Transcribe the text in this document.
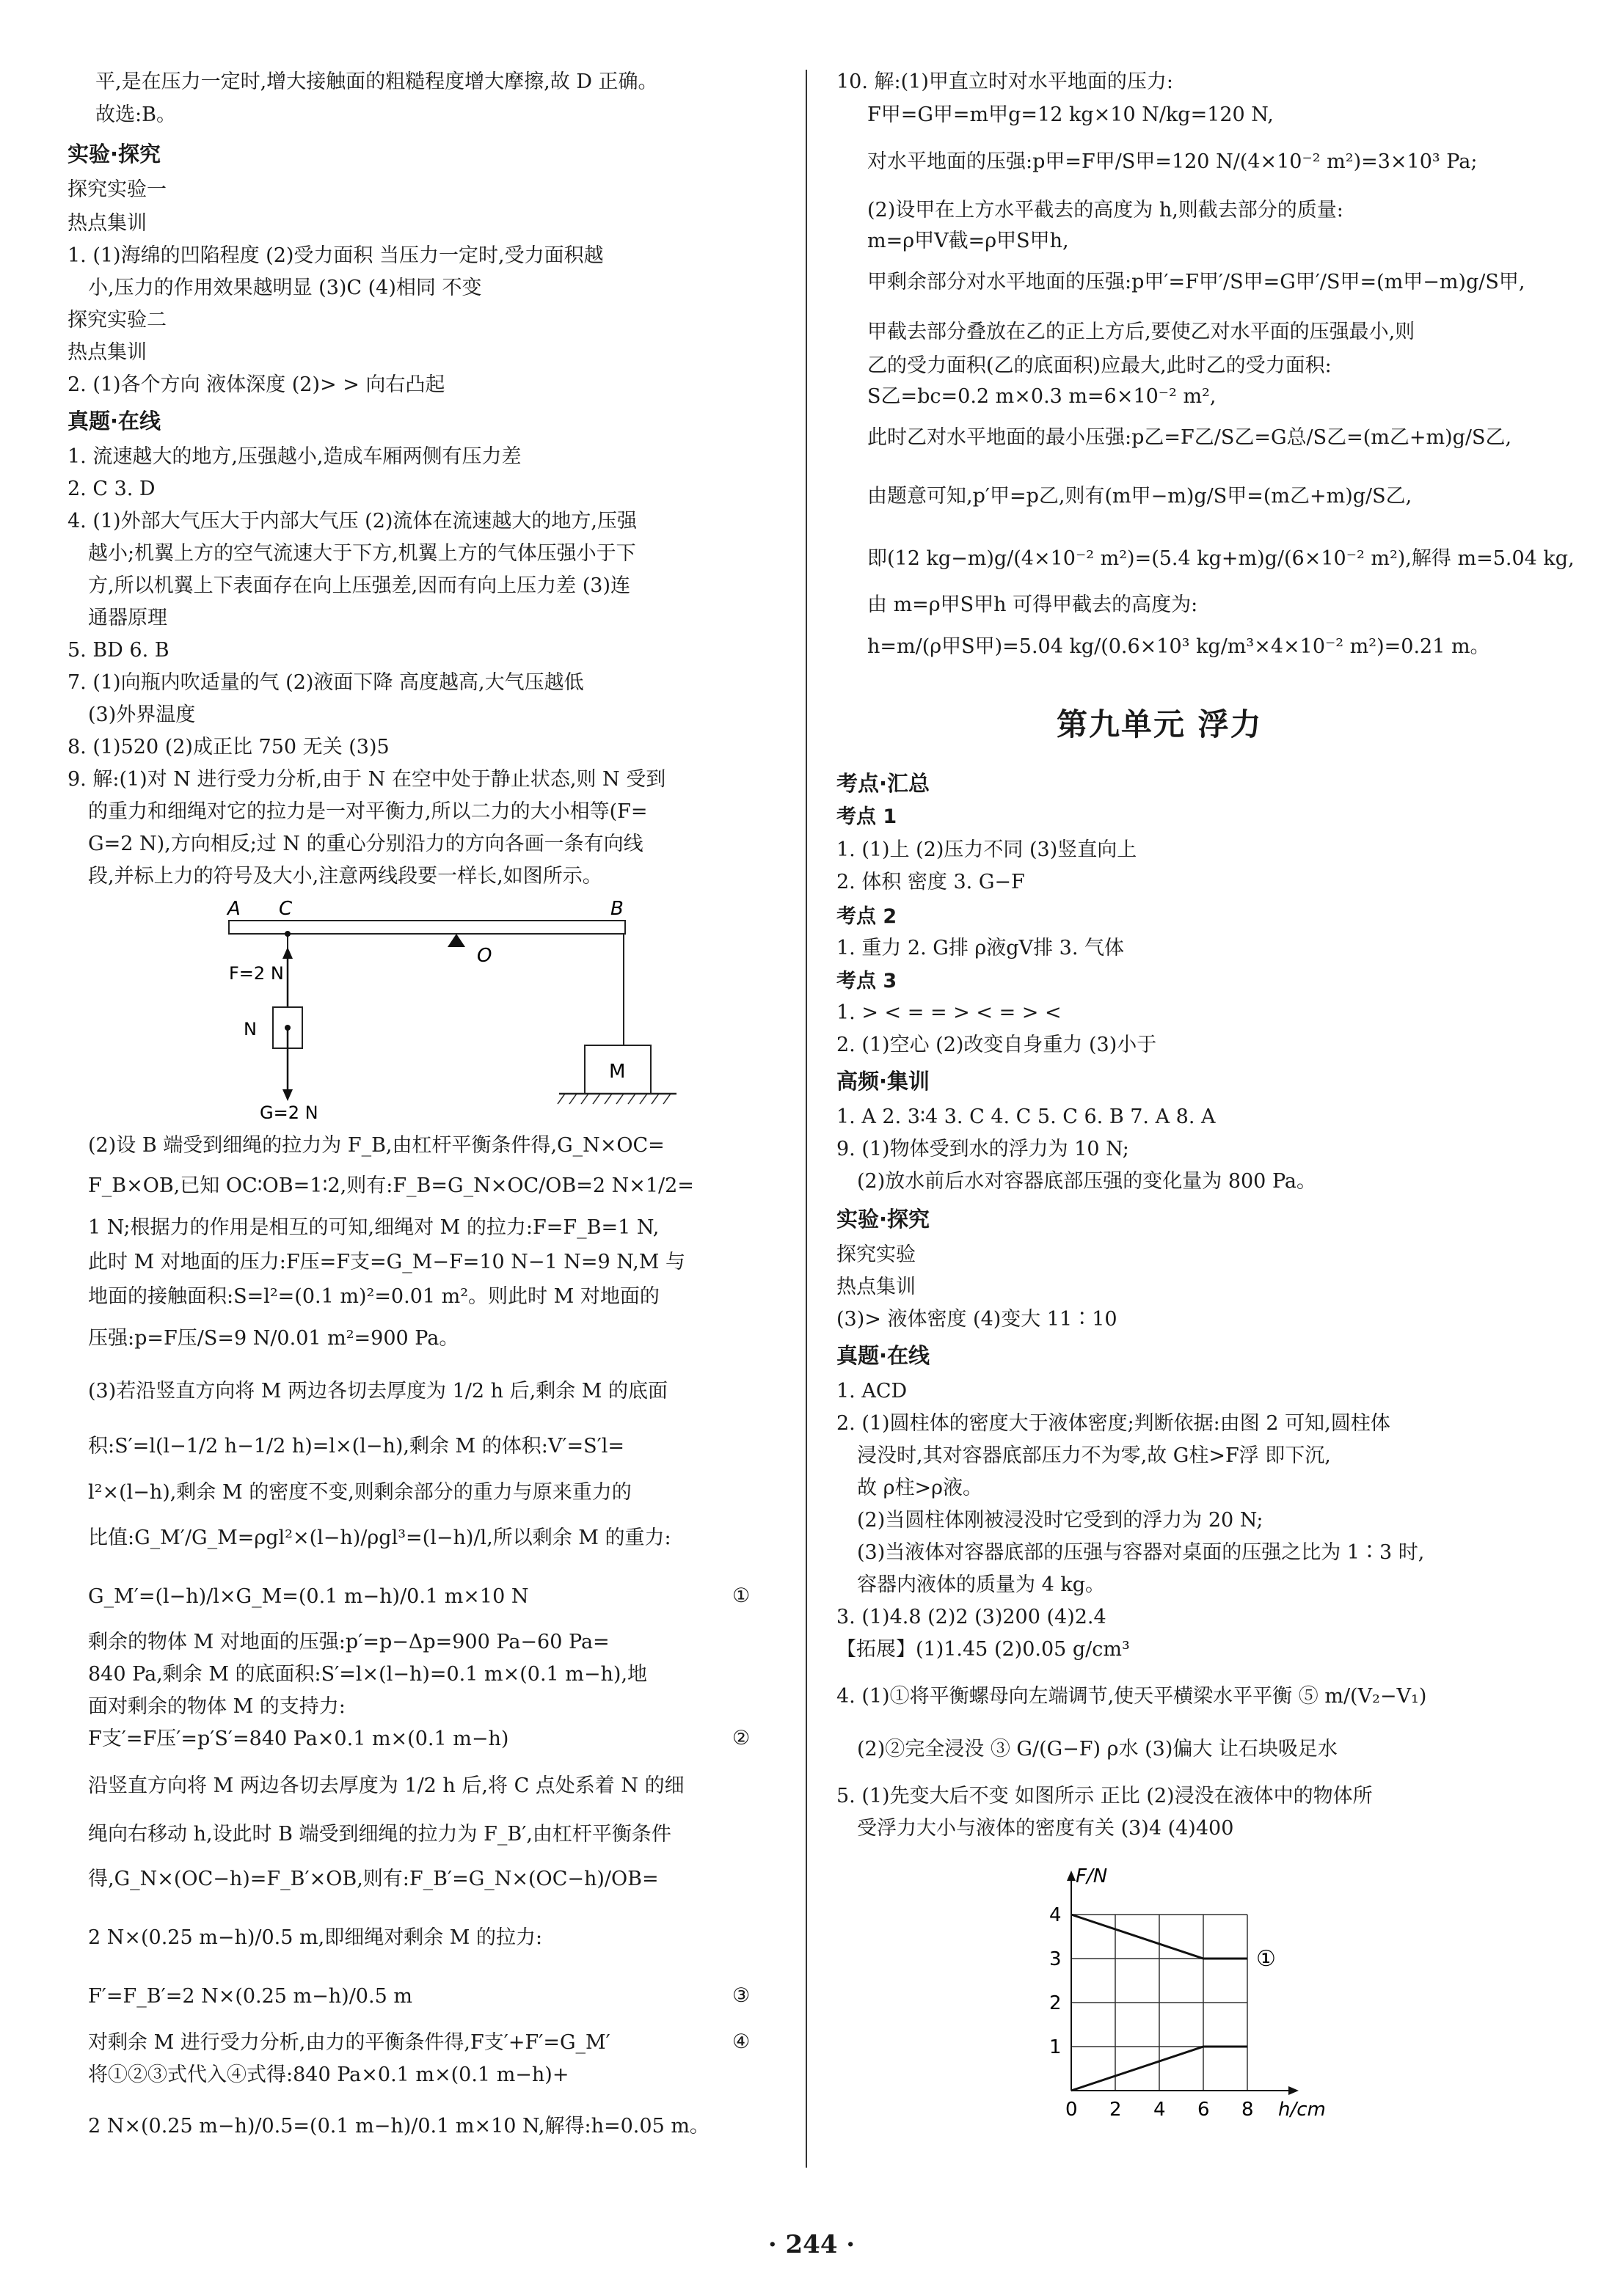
平,是在压力一定时,增大接触面的粗糙程度增大摩擦,故 D 正确。
故选:B。
实验·探究
探究实验一
热点集训
1. (1)海绵的凹陷程度 (2)受力面积 当压力一定时,受力面积越
小,压力的作用效果越明显 (3)C (4)相同 不变
探究实验二
热点集训
2. (1)各个方向 液体深度 (2)> > 向右凸起
真题·在线
1. 流速越大的地方,压强越小,造成车厢两侧有压力差
2. C 3. D
4. (1)外部大气压大于内部大气压 (2)流体在流速越大的地方,压强
越小;机翼上方的空气流速大于下方,机翼上方的气体压强小于下
方,所以机翼上下表面存在向上压强差,因而有向上压力差 (3)连
通器原理
5. BD 6. B
7. (1)向瓶内吹适量的气 (2)液面下降 高度越高,大气压越低
(3)外界温度
8. (1)520 (2)成正比 750 无关 (3)5
9. 解:(1)对 N 进行受力分析,由于 N 在空中处于静止状态,则 N 受到
的重力和细绳对它的拉力是一对平衡力,所以二力的大小相等(F=
G=2 N),方向相反;过 N 的重心分别沿力的方向各画一条有向线
段,并标上力的符号及大小,注意两线段要一样长,如图所示。
A C	B
O
F=2 N
N
G=2 N
M
(2)设 B 端受到细绳的拉力为 F_B,由杠杆平衡条件得,G_N×OC=
F_B×OB,已知 OC∶OB=1∶2,则有:F_B=G_N×OC/OB=2 N×1/2=
1 N;根据力的作用是相互的可知,细绳对 M 的拉力:F=F_B=1 N,
此时 M 对地面的压力:F压=F支=G_M−F=10 N−1 N=9 N,M 与
地面的接触面积:S=l²=(0.1 m)²=0.01 m²。则此时 M 对地面的
压强:p=F压/S=9 N/0.01 m²=900 Pa。
(3)若沿竖直方向将 M 两边各切去厚度为 1/2 h 后,剩余 M 的底面
积:S′=l(l−1/2 h−1/2 h)=l×(l−h),剩余 M 的体积:V′=S′l=
l²×(l−h),剩余 M 的密度不变,则剩余部分的重力与原来重力的
比值:G_M′/G_M=ρgl²×(l−h)/ρgl³=(l−h)/l,所以剩余 M 的重力:
G_M′=(l−h)/l×G_M=(0.1 m−h)/0.1 m×10 N	①
剩余的物体 M 对地面的压强:p′=p−Δp=900 Pa−60 Pa=
840 Pa,剩余 M 的底面积:S′=l×(l−h)=0.1 m×(0.1 m−h),地
面对剩余的物体 M 的支持力:
F支′=F压′=p′S′=840 Pa×0.1 m×(0.1 m−h)	②
沿竖直方向将 M 两边各切去厚度为 1/2 h 后,将 C 点处系着 N 的细
绳向右移动 h,设此时 B 端受到细绳的拉力为 F_B′,由杠杆平衡条件
得,G_N×(OC−h)=F_B′×OB,则有:F_B′=G_N×(OC−h)/OB=
2 N×(0.25 m−h)/0.5 m,即细绳对剩余 M 的拉力:
F′=F_B′=2 N×(0.25 m−h)/0.5 m	③
对剩余 M 进行受力分析,由力的平衡条件得,F支′+F′=G_M′	④
将①②③式代入④式得:840 Pa×0.1 m×(0.1 m−h)+
2 N×(0.25 m−h)/0.5=(0.1 m−h)/0.1 m×10 N,解得:h=0.05 m。
10. 解:(1)甲直立时对水平地面的压力:
F甲=G甲=m甲g=12 kg×10 N/kg=120 N,
对水平地面的压强:p甲=F甲/S甲=120 N/(4×10⁻² m²)=3×10³ Pa;
(2)设甲在上方水平截去的高度为 h,则截去部分的质量:
m=ρ甲V截=ρ甲S甲h,
甲剩余部分对水平地面的压强:p甲′=F甲′/S甲=G甲′/S甲=(m甲−m)g/S甲,
甲截去部分叠放在乙的正上方后,要使乙对水平面的压强最小,则
乙的受力面积(乙的底面积)应最大,此时乙的受力面积:
S乙=bc=0.2 m×0.3 m=6×10⁻² m²,
此时乙对水平地面的最小压强:p乙=F乙/S乙=G总/S乙=(m乙+m)g/S乙,
由题意可知,p′甲=p乙,则有(m甲−m)g/S甲=(m乙+m)g/S乙,
即(12 kg−m)g/(4×10⁻² m²)=(5.4 kg+m)g/(6×10⁻² m²),解得 m=5.04 kg,
由 m=ρ甲S甲h 可得甲截去的高度为:
h=m/(ρ甲S甲)=5.04 kg/(0.6×10³ kg/m³×4×10⁻² m²)=0.21 m。
第九单元 浮力
考点·汇总
考点 1
1. (1)上 (2)压力不同 (3)竖直向上
2. 体积 密度 3. G−F
考点 2
1. 重力 2. G排 ρ液gV排 3. 气体
考点 3
1. > < = = > < = > <
2. (1)空心 (2)改变自身重力 (3)小于
高频·集训
1. A 2. 3∶4 3. C 4. C 5. C 6. B 7. A 8. A
9. (1)物体受到水的浮力为 10 N;
(2)放水前后水对容器底部压强的变化量为 800 Pa。
实验·探究
探究实验
热点集训
(3)> 液体密度 (4)变大 11∶10
真题·在线
1. ACD
2. (1)圆柱体的密度大于液体密度;判断依据:由图 2 可知,圆柱体
浸没时,其对容器底部压力不为零,故 G柱>F浮 即下沉,
故 ρ柱>ρ液。
(2)当圆柱体刚被浸没时它受到的浮力为 20 N;
(3)当液体对容器底部的压强与容器对桌面的压强之比为 1∶3 时,
容器内液体的质量为 4 kg。
3. (1)4.8 (2)2 (3)200 (4)2.4
【拓展】(1)1.45 (2)0.05 g/cm³
4. (1)①将平衡螺母向左端调节,使天平横梁水平平衡 ⑤ m/(V₂−V₁)
(2)②完全浸没 ③ G/(G−F) ρ水 (3)偏大 让石块吸足水
5. (1)先变大后不变 如图所示 正比 (2)浸没在液体中的物体所
受浮力大小与液体的密度有关 (3)4 (4)400
0 2 4 6 8
1
2
3
4
F/N
h/cm
①
· 244 ·
